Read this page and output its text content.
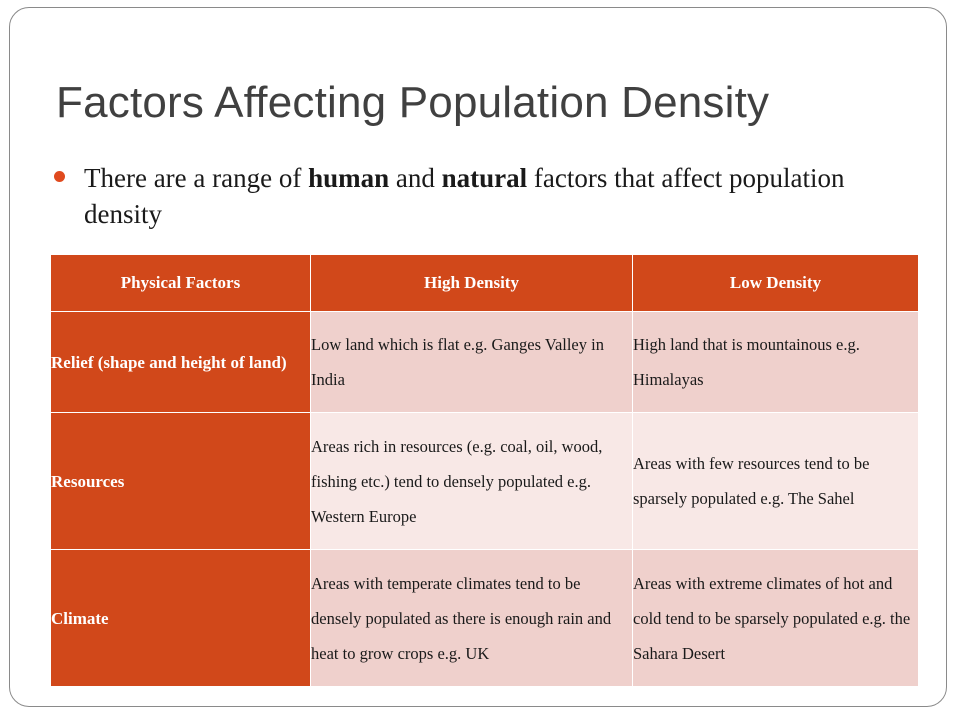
Factors Affecting Population Density
There are a range of human and natural factors that affect population density
Physical Factors	High Density	Low Density
Relief (shape and height of land)	Low land which is flat e.g. Ganges Valley in India	High land that is mountainous e.g. Himalayas
Resources	Areas rich in resources (e.g. coal, oil, wood, fishing etc.) tend to densely populated e.g. Western Europe	Areas with few resources tend to be sparsely populated e.g. The Sahel
Climate	Areas with temperate climates tend to be densely populated as there is enough rain and heat to grow crops e.g. UK	Areas with extreme climates of hot and cold tend to be sparsely populated e.g. the Sahara Desert
